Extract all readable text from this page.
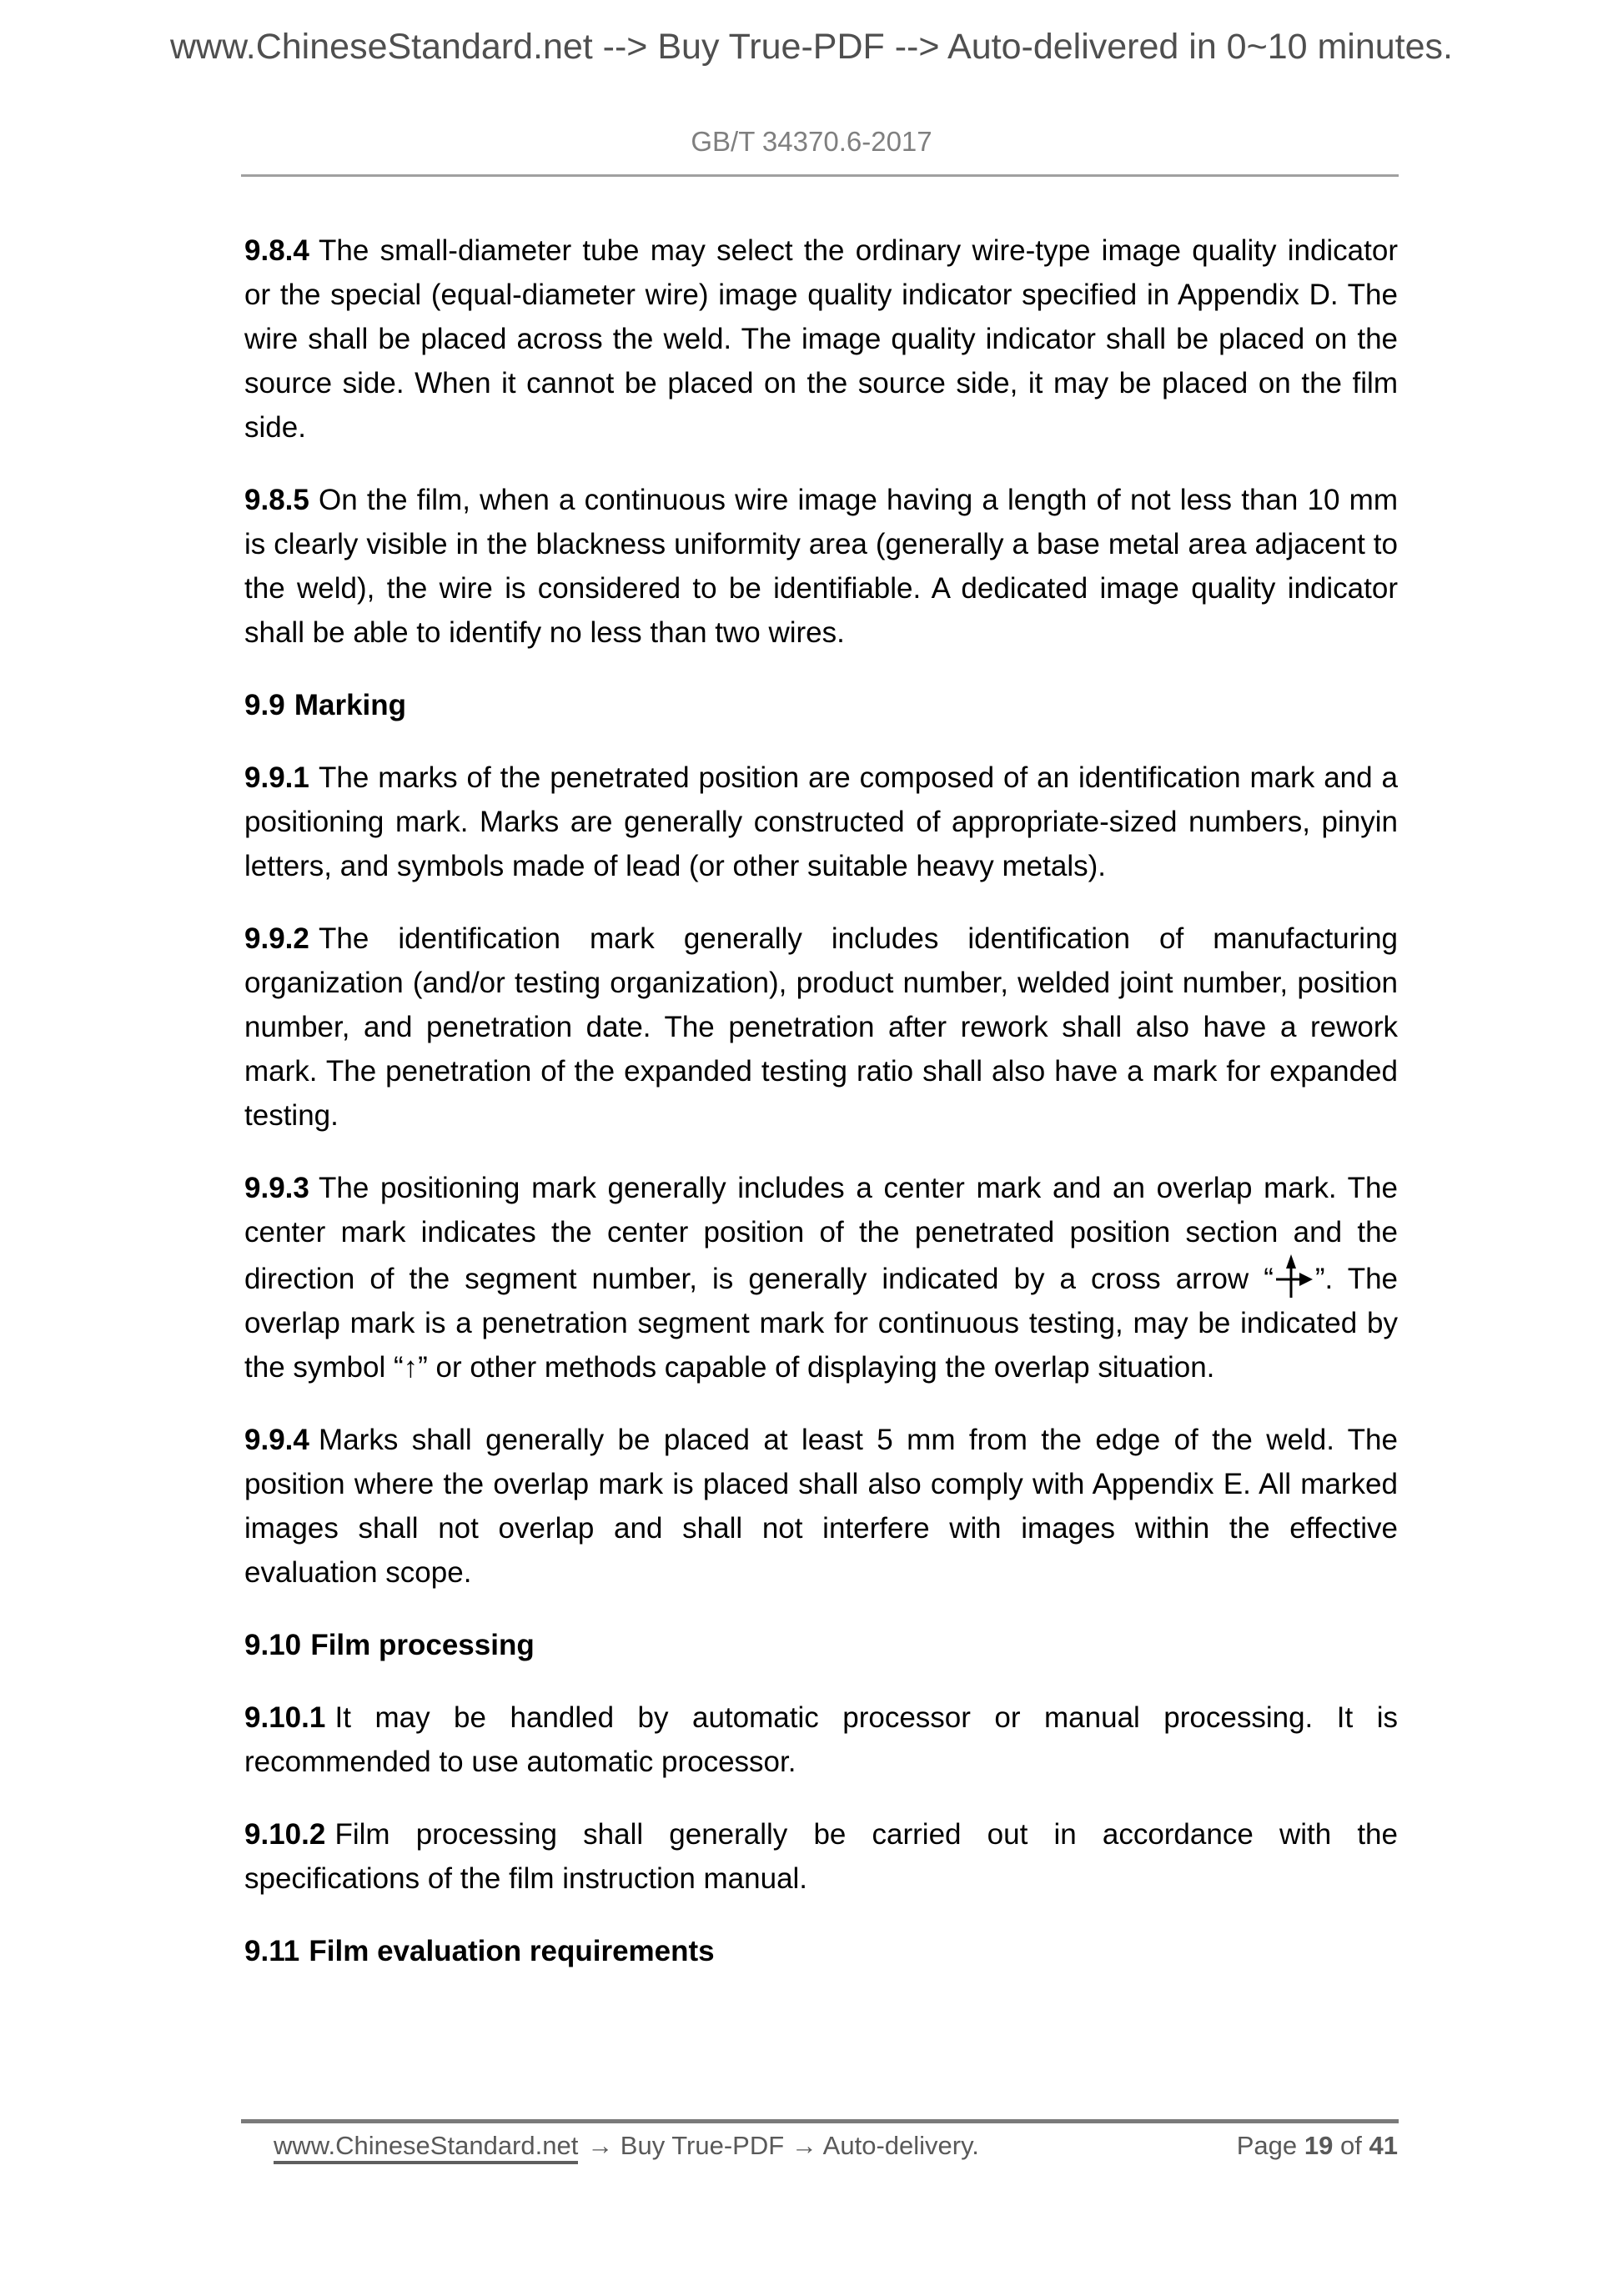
www.ChineseStandard.net --> Buy True-PDF --> Auto-delivered in 0~10 minutes.
GB/T 34370.6-2017

9.8.4 The small-diameter tube may select the ordinary wire-type image quality indicator or the special (equal-diameter wire) image quality indicator specified in Appendix D. The wire shall be placed across the weld. The image quality indicator shall be placed on the source side. When it cannot be placed on the source side, it may be placed on the film side.

9.8.5 On the film, when a continuous wire image having a length of not less than 10 mm is clearly visible in the blackness uniformity area (generally a base metal area adjacent to the weld), the wire is considered to be identifiable. A dedicated image quality indicator shall be able to identify no less than two wires.

9.9 Marking

9.9.1 The marks of the penetrated position are composed of an identification mark and a positioning mark. Marks are generally constructed of appropriate-sized numbers, pinyin letters, and symbols made of lead (or other suitable heavy metals).

9.9.2 The identification mark generally includes identification of manufacturing organization (and/or testing organization), product number, welded joint number, position number, and penetration date. The penetration after rework shall also have a rework mark. The penetration of the expanded testing ratio shall also have a mark for expanded testing.

9.9.3 The positioning mark generally includes a center mark and an overlap mark. The center mark indicates the center position of the penetrated position section and the direction of the segment number, is generally indicated by a cross arrow “ ”. The overlap mark is a penetration segment mark for continuous testing, may be indicated by the symbol “↑” or other methods capable of displaying the overlap situation.

9.9.4 Marks shall generally be placed at least 5 mm from the edge of the weld. The position where the overlap mark is placed shall also comply with Appendix E. All marked images shall not overlap and shall not interfere with images within the effective evaluation scope.

9.10 Film processing

9.10.1 It may be handled by automatic processor or manual processing. It is recommended to use automatic processor.

9.10.2 Film processing shall generally be carried out in accordance with the specifications of the film instruction manual.

9.11 Film evaluation requirements

www.ChineseStandard.net → Buy True-PDF → Auto-delivery.	Page 19 of 41
